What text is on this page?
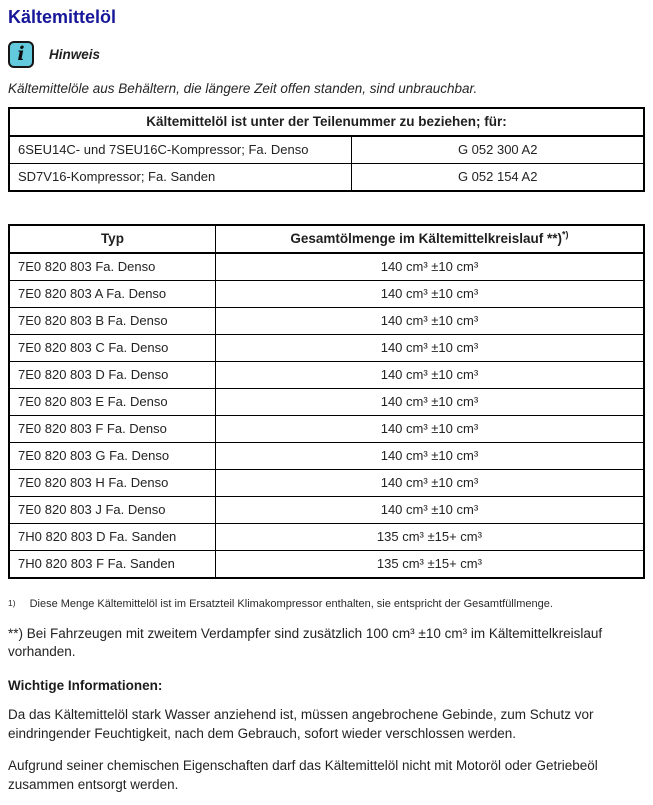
Kältemittelöl
i	Hinweis
Kältemittelöle aus Behältern, die längere Zeit offen standen, sind unbrauchbar.
Kältemittelöl ist unter der Teilenummer zu beziehen; für:	
6SEU14C- und 7SEU16C-Kompressor; Fa. Denso	G 052 300 A2
SD7V16-Kompressor; Fa. Sanden	G 052 154 A2
Typ	Gesamtölmenge im Kältemittelkreislauf **)*)
7E0 820 803 Fa. Denso	140 cm³ ±10 cm³
7E0 820 803 A Fa. Denso	140 cm³ ±10 cm³
7E0 820 803 B Fa. Denso	140 cm³ ±10 cm³
7E0 820 803 C Fa. Denso	140 cm³ ±10 cm³
7E0 820 803 D Fa. Denso	140 cm³ ±10 cm³
7E0 820 803 E Fa. Denso	140 cm³ ±10 cm³
7E0 820 803 F Fa. Denso	140 cm³ ±10 cm³
7E0 820 803 G Fa. Denso	140 cm³ ±10 cm³
7E0 820 803 H Fa. Denso	140 cm³ ±10 cm³
7E0 820 803 J Fa. Denso	140 cm³ ±10 cm³
7H0 820 803 D Fa. Sanden	135 cm³ ±15+ cm³
7H0 820 803 F Fa. Sanden	135 cm³ ±15+ cm³
1) Diese Menge Kältemittelöl ist im Ersatzteil Klimakompressor enthalten, sie entspricht der Gesamtfüllmenge.
**) Bei Fahrzeugen mit zweitem Verdampfer sind zusätzlich 100 cm³ ±10 cm³ im Kältemittelkreislauf vorhanden.
Wichtige Informationen:
Da das Kältemittelöl stark Wasser anziehend ist, müssen angebrochene Gebinde, zum Schutz vor eindringender Feuchtigkeit, nach dem Gebrauch, sofort wieder verschlossen werden.
Aufgrund seiner chemischen Eigenschaften darf das Kältemittelöl nicht mit Motoröl oder Getriebeöl zusammen entsorgt werden.
